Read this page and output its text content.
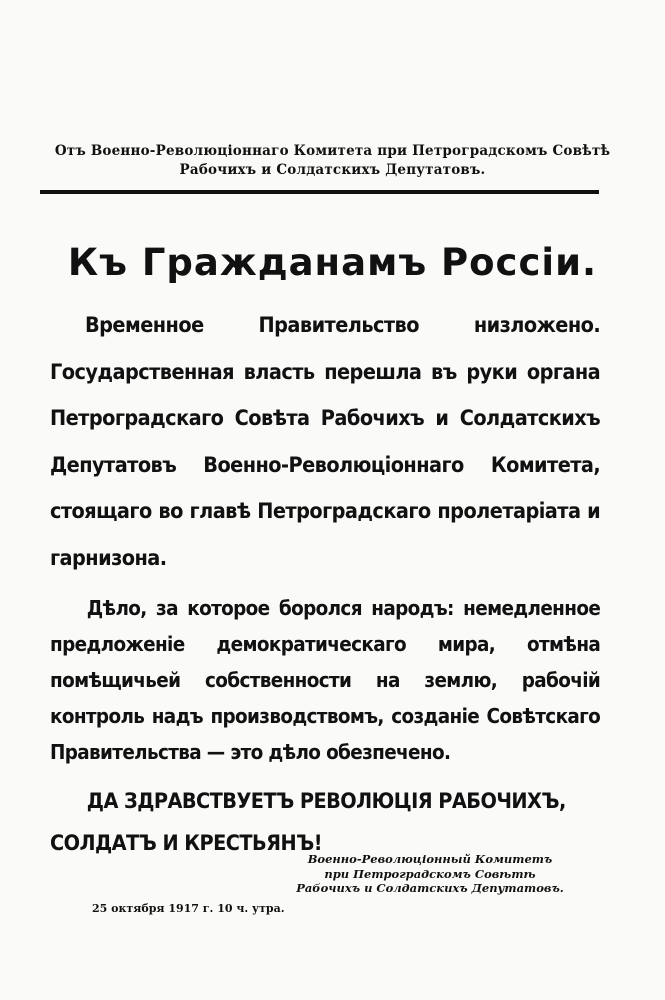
Отъ Военно-Революціоннаго Комитета при Петроградскомъ Совѣтѣ
Рабочихъ и Солдатскихъ Депутатовъ.
Къ Гражданамъ Россіи.
Временное Правительство низложено. Государственная власть перешла въ руки органа Петроградскаго Совѣта Рабочихъ и Солдатскихъ Депутатовъ Военно-Революціоннаго Комитета, стоящаго во главѣ Петроградскаго пролетаріата и гарнизона.
Дѣло, за которое боролся народъ: немедленное предложеніе демократическаго мира, отмѣна помѣщичьей собственности на землю, рабочій контроль надъ производствомъ, созданіе Совѣтскаго Правительства — это дѣло обезпечено.
ДА ЗДРАВСТВУЕТЪ РЕВОЛЮЦІЯ РАБОЧИХЪ, СОЛДАТЪ И КРЕСТЬЯНЪ!
Военно-Революціонный Комитетъ
при Петроградскомъ Совѣтѣ
Рабочихъ и Солдатскихъ Депутатовъ.
25 октября 1917 г. 10 ч. утра.
